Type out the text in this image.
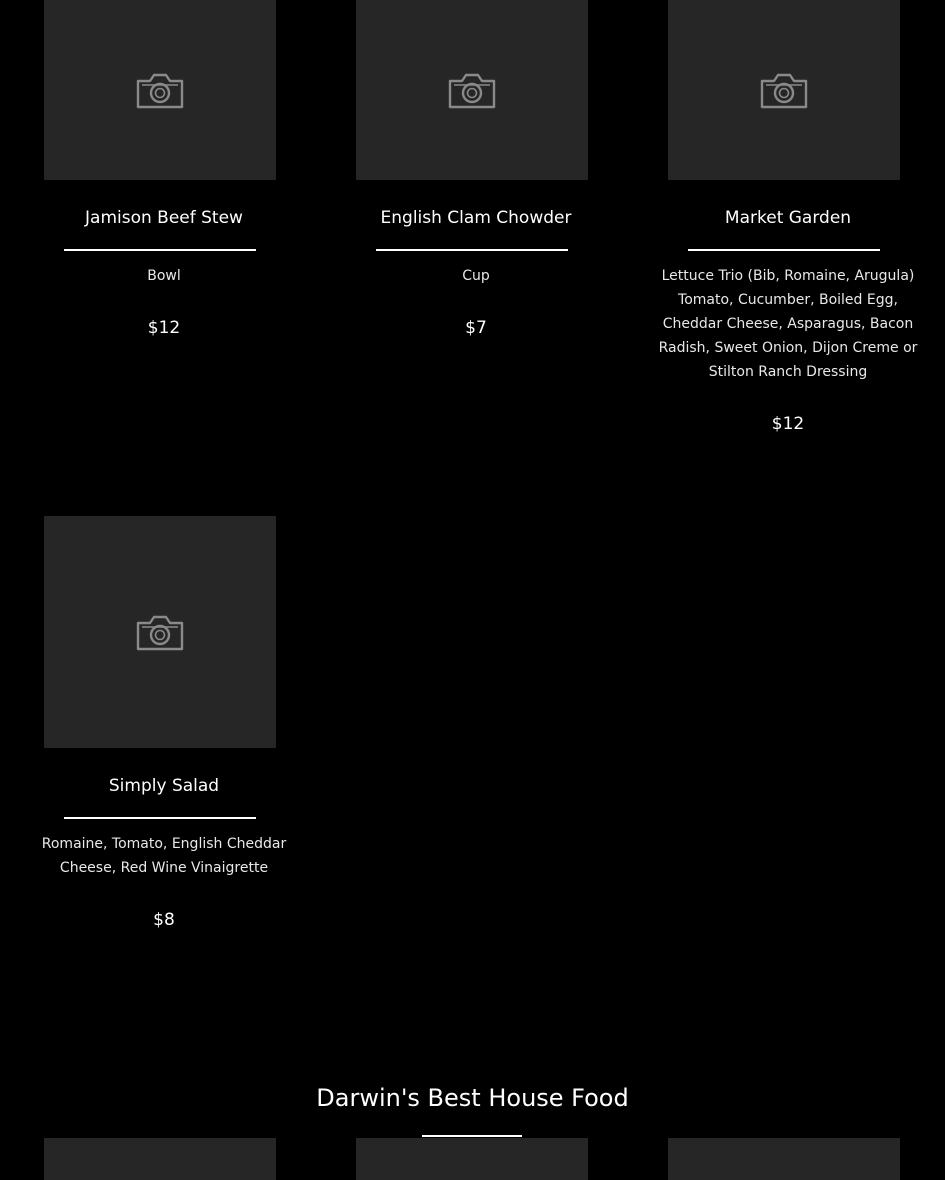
Jamison Beef Stew
Bowl
$12
English Clam Chowder
Cup
$7
Market Garden
Lettuce Trio (Bib, Romaine, Arugula) Tomato, Cucumber, Boiled Egg, Cheddar Cheese, Asparagus, Bacon Radish, Sweet Onion, Dijon Creme or Stilton Ranch Dressing
$12
Simply Salad
Romaine, Tomato, English Cheddar Cheese, Red Wine Vinaigrette
$8
Darwin's Best House Food
